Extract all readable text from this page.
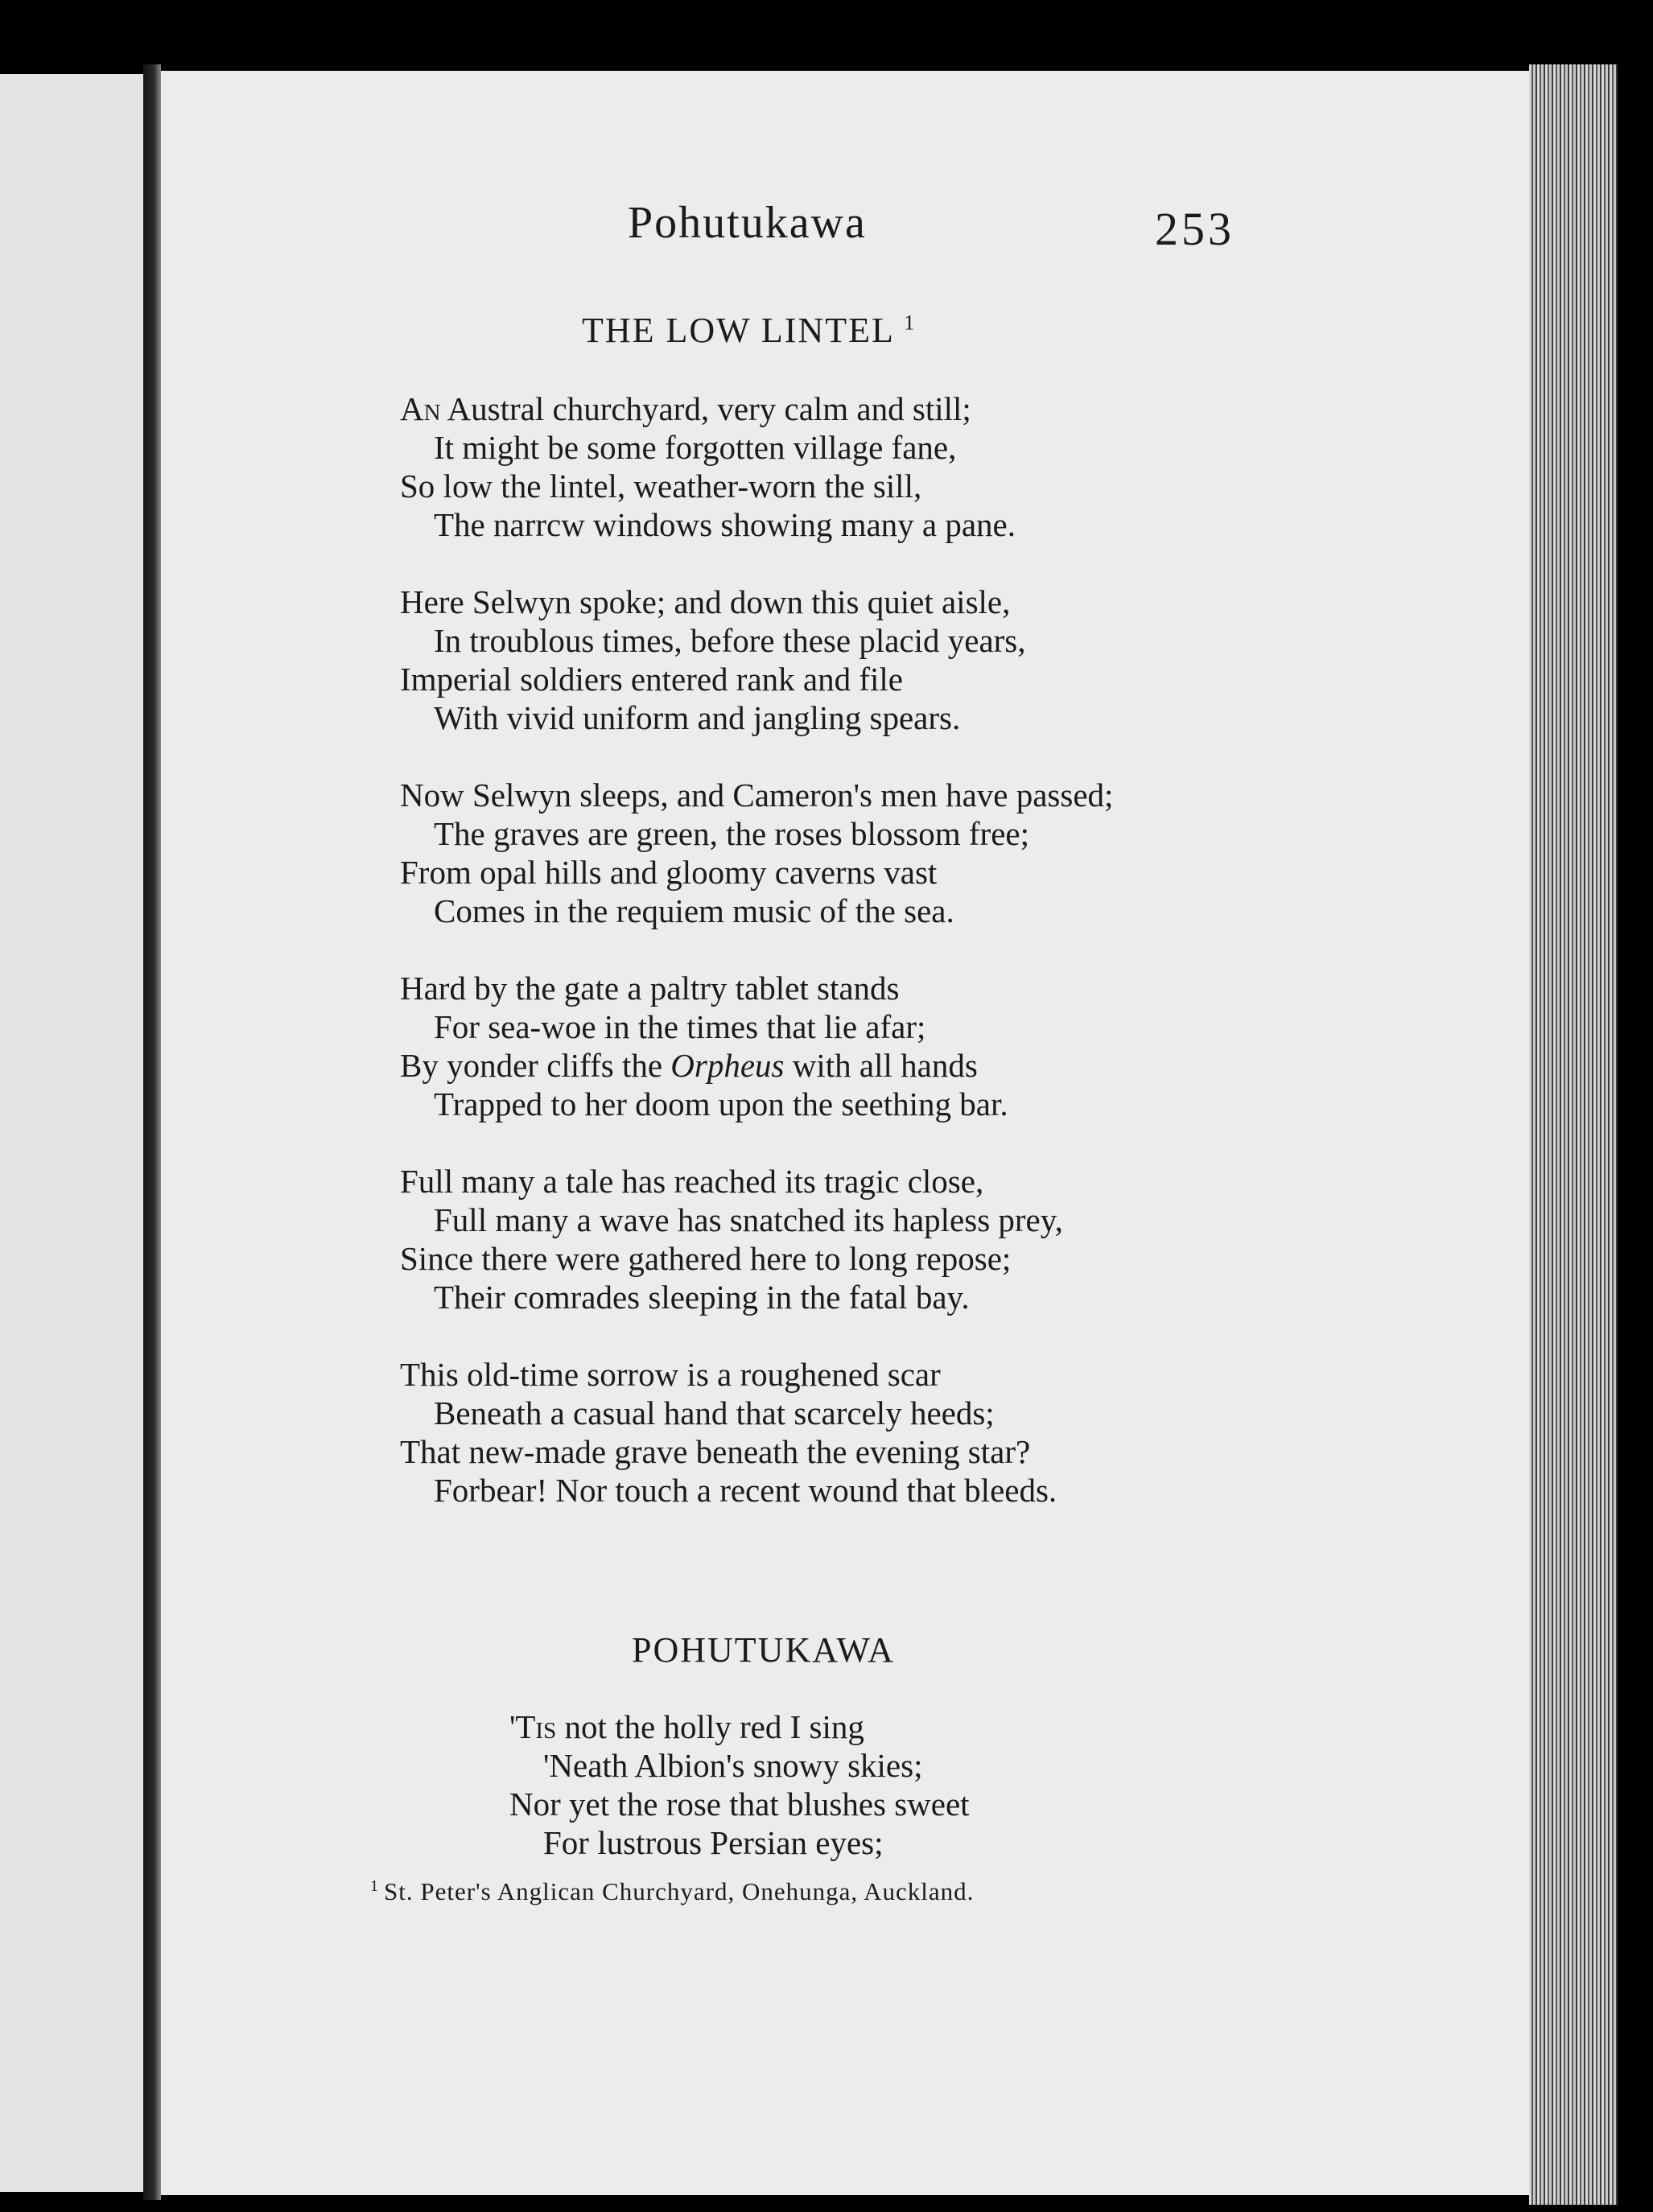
Pohutukawa	253
THE LOW LINTEL $^1$
An Austral churchyard, very calm and still;
It might be some forgotten village fane,
So low the lintel, weather-worn the sill,
The narrcw windows showing many a pane.
Here Selwyn spoke; and down this quiet aisle,
In troublous times, before these placid years,
Imperial soldiers entered rank and file
With vivid uniform and jangling spears.
Now Selwyn sleeps, and Cameron's men have passed;
The graves are green, the roses blossom free;
From opal hills and gloomy caverns vast
Comes in the requiem music of the sea.
Hard by the gate a paltry tablet stands
For sea-woe in the times that lie afar;
By yonder cliffs the Orpheus with all hands
Trapped to her doom upon the seething bar.
Full many a tale has reached its tragic close,
Full many a wave has snatched its hapless prey,
Since there were gathered here to long repose;
Their comrades sleeping in the fatal bay.
This old-time sorrow is a roughened scar
Beneath a casual hand that scarcely heeds;
That new-made grave beneath the evening star?
Forbear! Nor touch a recent wound that bleeds.
POHUTUKAWA
'Tis not the holly red I sing
'Neath Albion's snowy skies;
Nor yet the rose that blushes sweet
For lustrous Persian eyes;
$^1$ St. Peter's Anglican Churchyard, Onehunga, Auckland.
